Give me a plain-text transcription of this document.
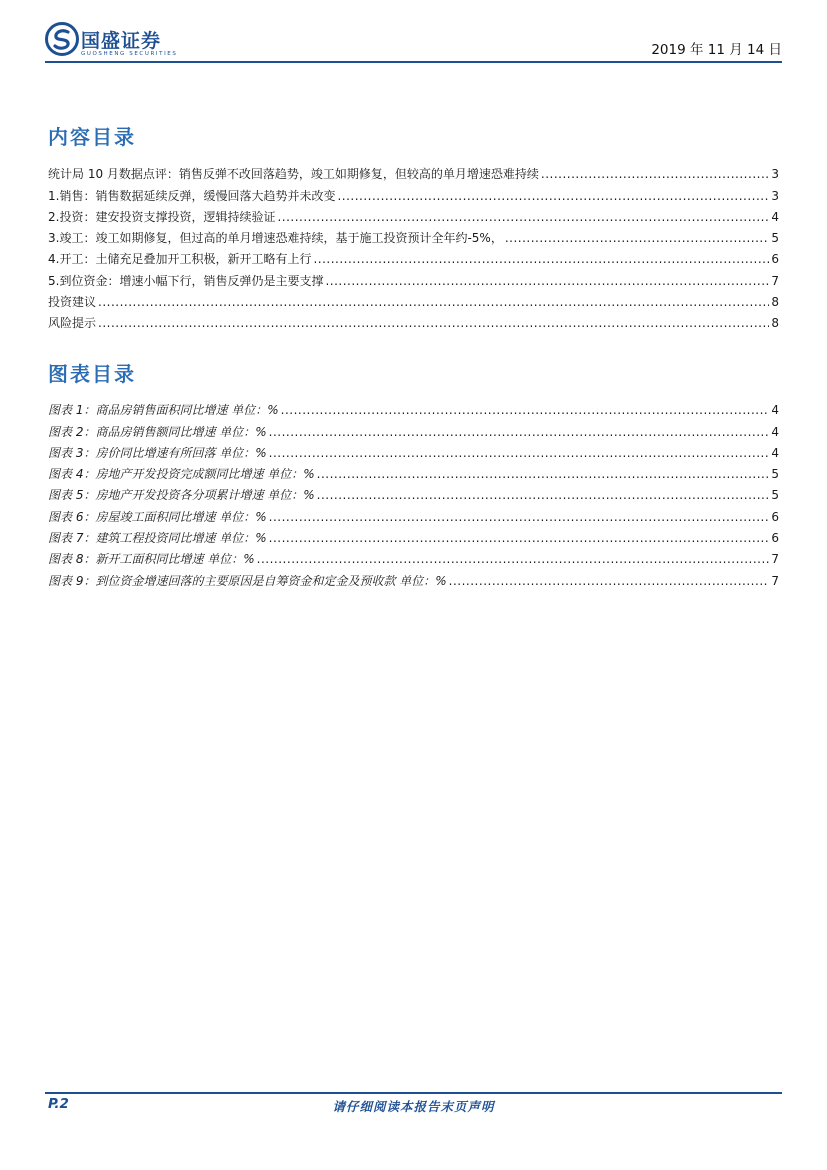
国盛证券
GUOSHENG SECURITIES	2019 年 11 月 14 日
内容目录
统计局 10 月数据点评：销售反弹不改回落趋势，竣工如期修复，但较高的单月增速恐难持续 .....	3
1.销售：销售数据延续反弹，缓慢回落大趋势并未改变 .....	3
2.投资：建安投资支撑投资，逻辑持续验证 .....	4
3.竣工：竣工如期修复，但过高的单月增速恐难持续，基于施工投资预计全年约-5%， .....	5
4.开工：土储充足叠加开工积极，新开工略有上行 .....	6
5.到位资金：增速小幅下行，销售反弹仍是主要支撑 .....	7
投资建议 .....	8
风险提示 .....	8
图表目录
图表 1：商品房销售面积同比增速 单位：% .....	4
图表 2：商品房销售额同比增速 单位：% .....	4
图表 3：房价同比增速有所回落 单位：% .....	4
图表 4：房地产开发投资完成额同比增速 单位：% .....	5
图表 5：房地产开发投资各分项累计增速 单位：% .....	5
图表 6：房屋竣工面积同比增速 单位：% .....	6
图表 7：建筑工程投资同比增速 单位：% .....	6
图表 8：新开工面积同比增速 单位：% .....	7
图表 9：到位资金增速回落的主要原因是自筹资金和定金及预收款 单位：% .....	7
P.2	请仔细阅读本报告末页声明
